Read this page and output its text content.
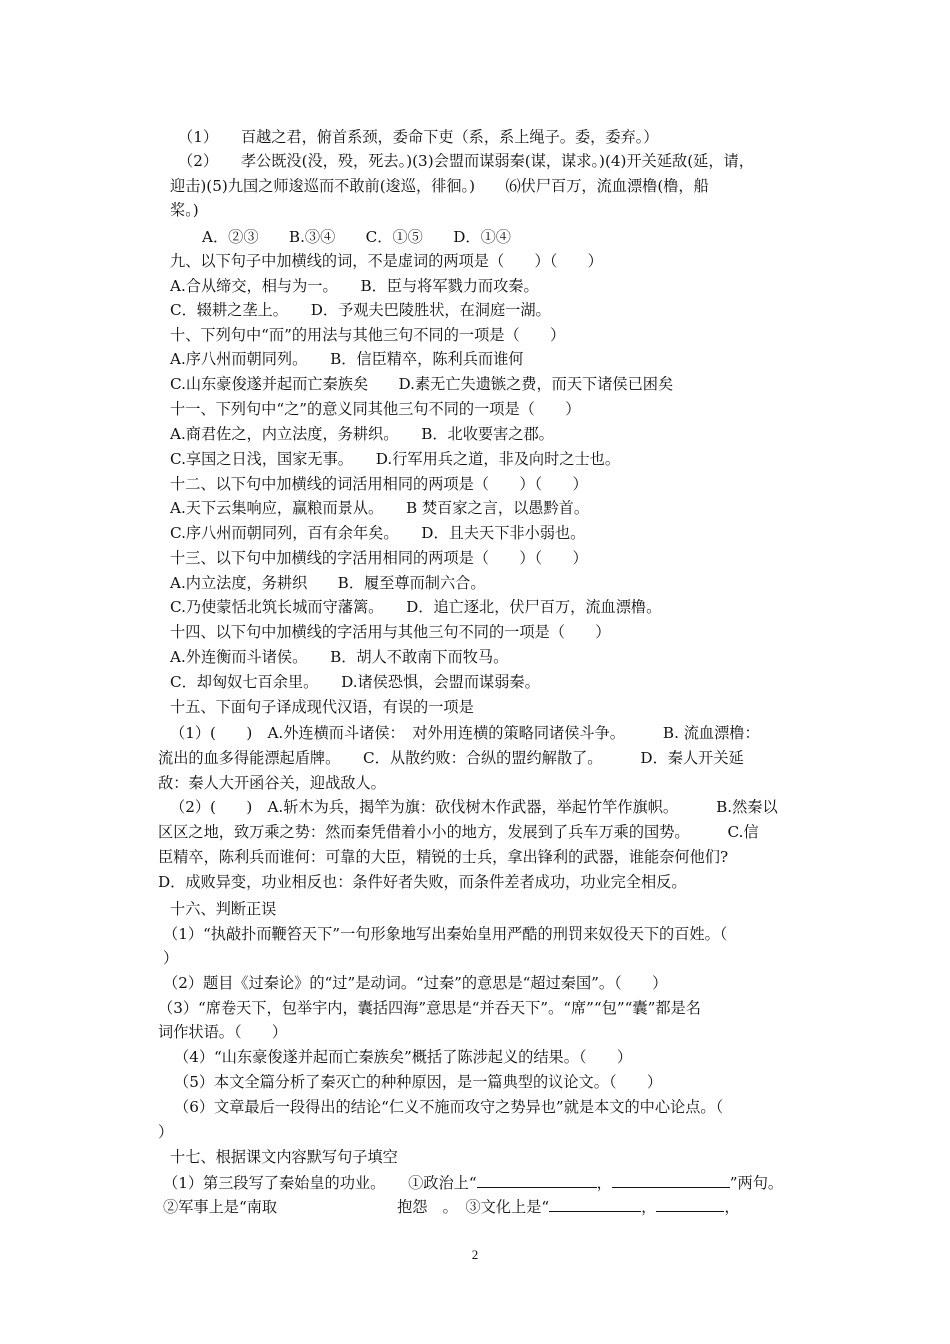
（1）　　百越之君，俯首系颈，委命下吏（系，系上绳子。委，委弃。）
（2）　　孝公既没(没，殁，死去。)(3)会盟而谋弱秦(谋，谋求。)(4)开关延敌(延，请，
迎击)(5)九国之师逡巡而不敢前(逡巡，徘徊。)　　⑹伏尸百万，流血漂橹(橹，船
桨。)
A．②③　　B.③④　　C．①⑤　　D．①④
九、以下句子中加横线的词，不是虚词的两项是（　　）（　　）
A.合从缔交，相与为一。　　B．臣与将军戮力而攻秦。
C．辍耕之垄上。　　D．予观夫巴陵胜状，在洞庭一湖。
十、下列句中“而”的用法与其他三句不同的一项是（　　）
A.序八州而朝同列。　　B．信臣精卒，陈利兵而谁何
C.山东豪俊遂并起而亡秦族矣　　D.素无亡失遗镞之费，而天下诸侯已困矣
十一、下列句中“之”的意义同其他三句不同的一项是（　　）
A.商君佐之，内立法度，务耕织。　　B．北收要害之郡。
C.享国之日浅，国家无事。　　D.行军用兵之道，非及向时之士也。
十二、以下句中加横线的词活用相同的两项是（　　）（　　）
A.天下云集响应，赢粮而景从。　　B 焚百家之言，以愚黔首。
C.序八州而朝同列，百有余年矣。　　D．且夫天下非小弱也。
十三、以下句中加横线的字活用相同的两项是（　　）（　　）
A.内立法度，务耕织　　B．履至尊而制六合。
C.乃使蒙恬北筑长城而守藩篱。　　D．追亡逐北，伏尸百万，流血漂橹。
十四、以下句中加横线的字活用与其他三句不同的一项是（　　）
A.外连衡而斗诸侯。　　B．胡人不敢南下而牧马。
C．却匈奴七百余里。　　D.诸侯恐惧，会盟而谋弱秦。
十五、下面句子译成现代汉语，有误的一项是
（1）(　　)　A.外连横而斗诸侯：　对外用连横的策略同诸侯斗争。　　　B. 流血漂橹：
流出的血多得能漂起盾牌。　　C．从散约败：合纵的盟约解散了。　　　D．秦人开关延
敌：秦人大开函谷关，迎战敌人。
（2）(　　)　A.斩木为兵，揭竿为旗：砍伐树木作武器，举起竹竿作旗帜。　　　B.然秦以
区区之地，致万乘之势：然而秦凭借着小小的地方，发展到了兵车万乘的国势。　　　C.信
臣精卒，陈利兵而谁何：可靠的大臣，精锐的士兵，拿出锋利的武器，谁能奈何他们?
D．成败异变，功业相反也：条件好者失败，而条件差者成功，功业完全相反。
十六、判断正误
（1）“执敲扑而鞭笞天下”一句形象地写出秦始皇用严酷的刑罚来奴役天下的百姓。（
）
（2）题目《过秦论》的“过”是动词。“过秦”的意思是“超过秦国”。（　　）
（3）“席卷天下，包举宇内，囊括四海”意思是“并吞天下”。“席”“包”“囊”都是名
词作状语。（　　）
（4）“山东豪俊遂并起而亡秦族矣”概括了陈涉起义的结果。（　　）
（5）本文全篇分析了秦灭亡的种种原因，是一篇典型的议论文。（　　）
（6）文章最后一段得出的结论“仁义不施而攻守之势异也”就是本文的中心论点。（
）
十七、根据课文内容默写句子填空
（1）第三段写了秦始皇的功业。　　①政治上“	，	”两句。
②军事上是“南取	抱怨　。　③文化上是“	，	，
2
